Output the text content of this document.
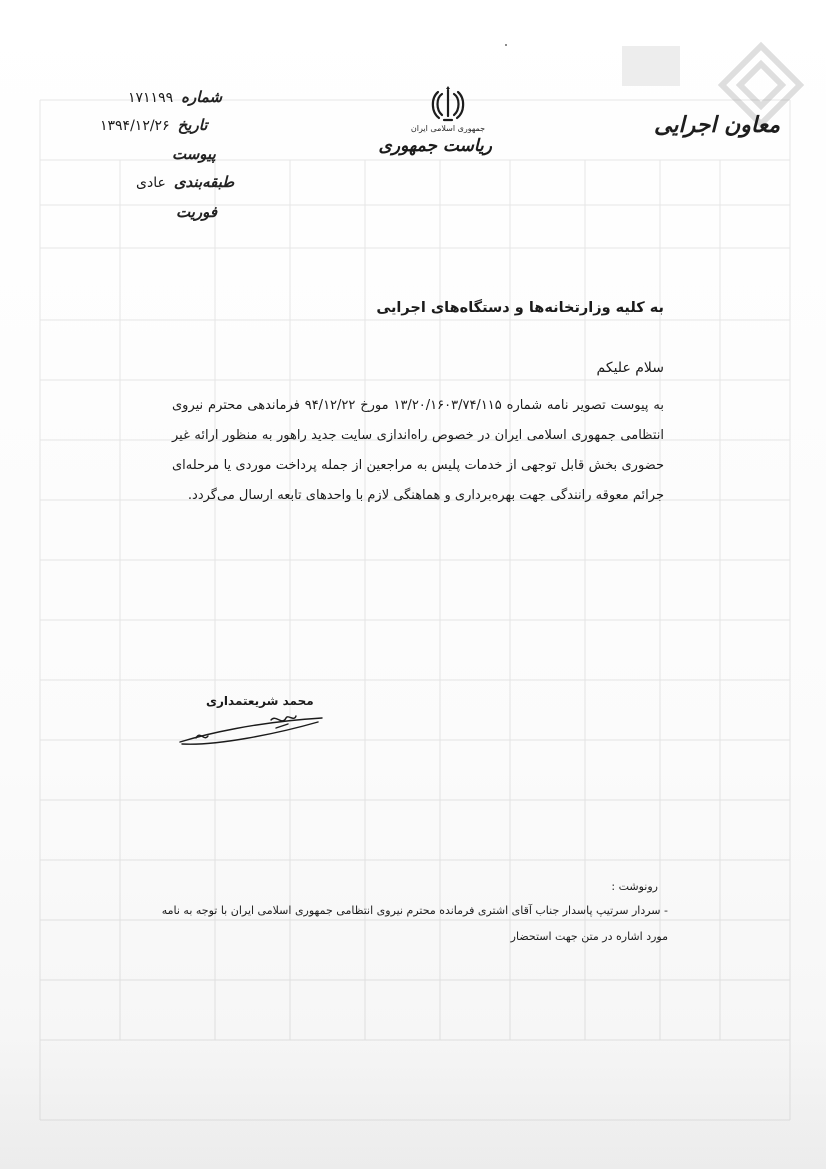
معاون اجرایی
جمهوری اسلامی ایران
ریاست جمهوری
شماره
۱۷۱۱۹۹
تاریخ
۱۳۹۴/۱۲/۲۶
پیوست
طبقه‌بندی
عادی
فوریت
به کلیه وزارتخانه‌ها و دستگاه‌های اجرایی
سلام علیکم
به پیوست تصویر نامه شماره ۱۳/۲۰/۱۶۰۳/۷۴/۱۱۵ مورخ ۹۴/۱۲/۲۲ فرماندهی محترم نیروی انتظامی جمهوری اسلامی ایران در خصوص راه‌اندازی سایت جدید راهور به منظور ارائه غیر حضوری بخش قابل توجهی از خدمات پلیس به مراجعین از جمله پرداخت موردی یا مرحله‌ای جرائم معوقه رانندگی جهت بهره‌برداری و هماهنگی لازم با واحدهای تابعه ارسال می‌گردد.
محمد شریعتمداری
رونوشت :
- سردار سرتیپ پاسدار جناب آقای اشتری فرمانده محترم نیروی انتظامی جمهوری اسلامی ایران با توجه به نامه مورد اشاره در متن جهت استحضار
